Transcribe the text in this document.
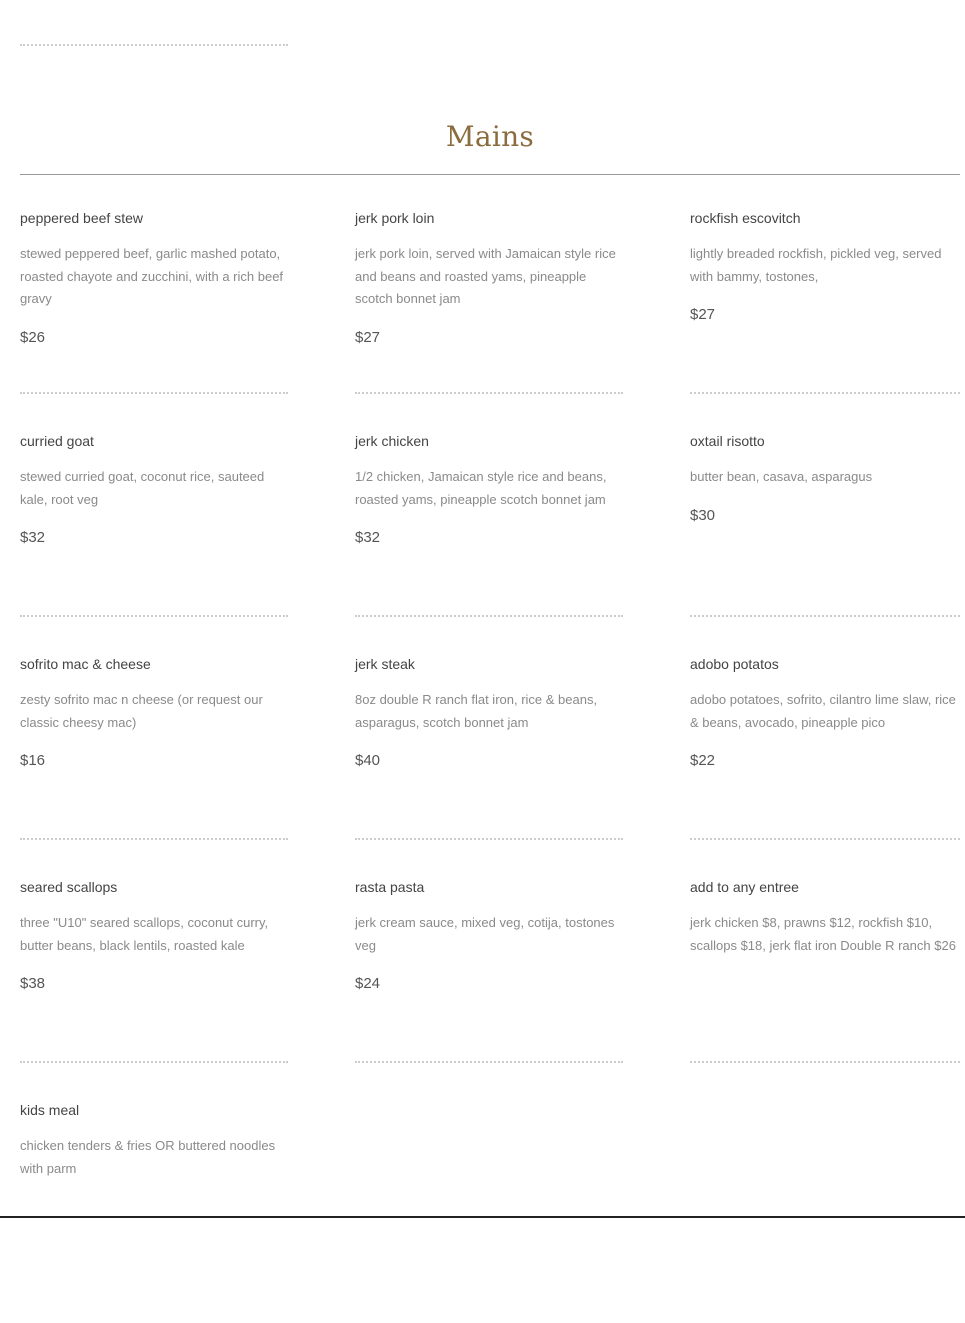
Mains
peppered beef stew

stewed peppered beef, garlic mashed potato, roasted chayote and zucchini, with a rich beef gravy

$26

jerk pork loin

jerk pork loin, served with Jamaican style rice and beans and roasted yams, pineapple scotch bonnet jam

$27

rockfish escovitch

lightly breaded rockfish, pickled veg, served with bammy, tostones,

$27

curried goat

stewed curried goat, coconut rice, sauteed kale, root veg

$32

jerk chicken

1/2 chicken, Jamaican style rice and beans, roasted yams, pineapple scotch bonnet jam

$32

oxtail risotto

butter bean, casava, asparagus

$30

sofrito mac & cheese

zesty sofrito mac n cheese (or request our classic cheesy mac)

$16

jerk steak

8oz double R ranch flat iron, rice & beans, asparagus, scotch bonnet jam

$40

adobo potatos

adobo potatoes, sofrito, cilantro lime slaw, rice & beans, avocado, pineapple pico

$22

seared scallops

three "U10" seared scallops, coconut curry, butter beans, black lentils, roasted kale

$38

rasta pasta

jerk cream sauce, mixed veg, cotija, tostones veg

$24

add to any entree

jerk chicken $8, prawns $12, rockfish $10, scallops $18, jerk flat iron Double R ranch $26

kids meal

chicken tenders & fries OR buttered noodles with parm
